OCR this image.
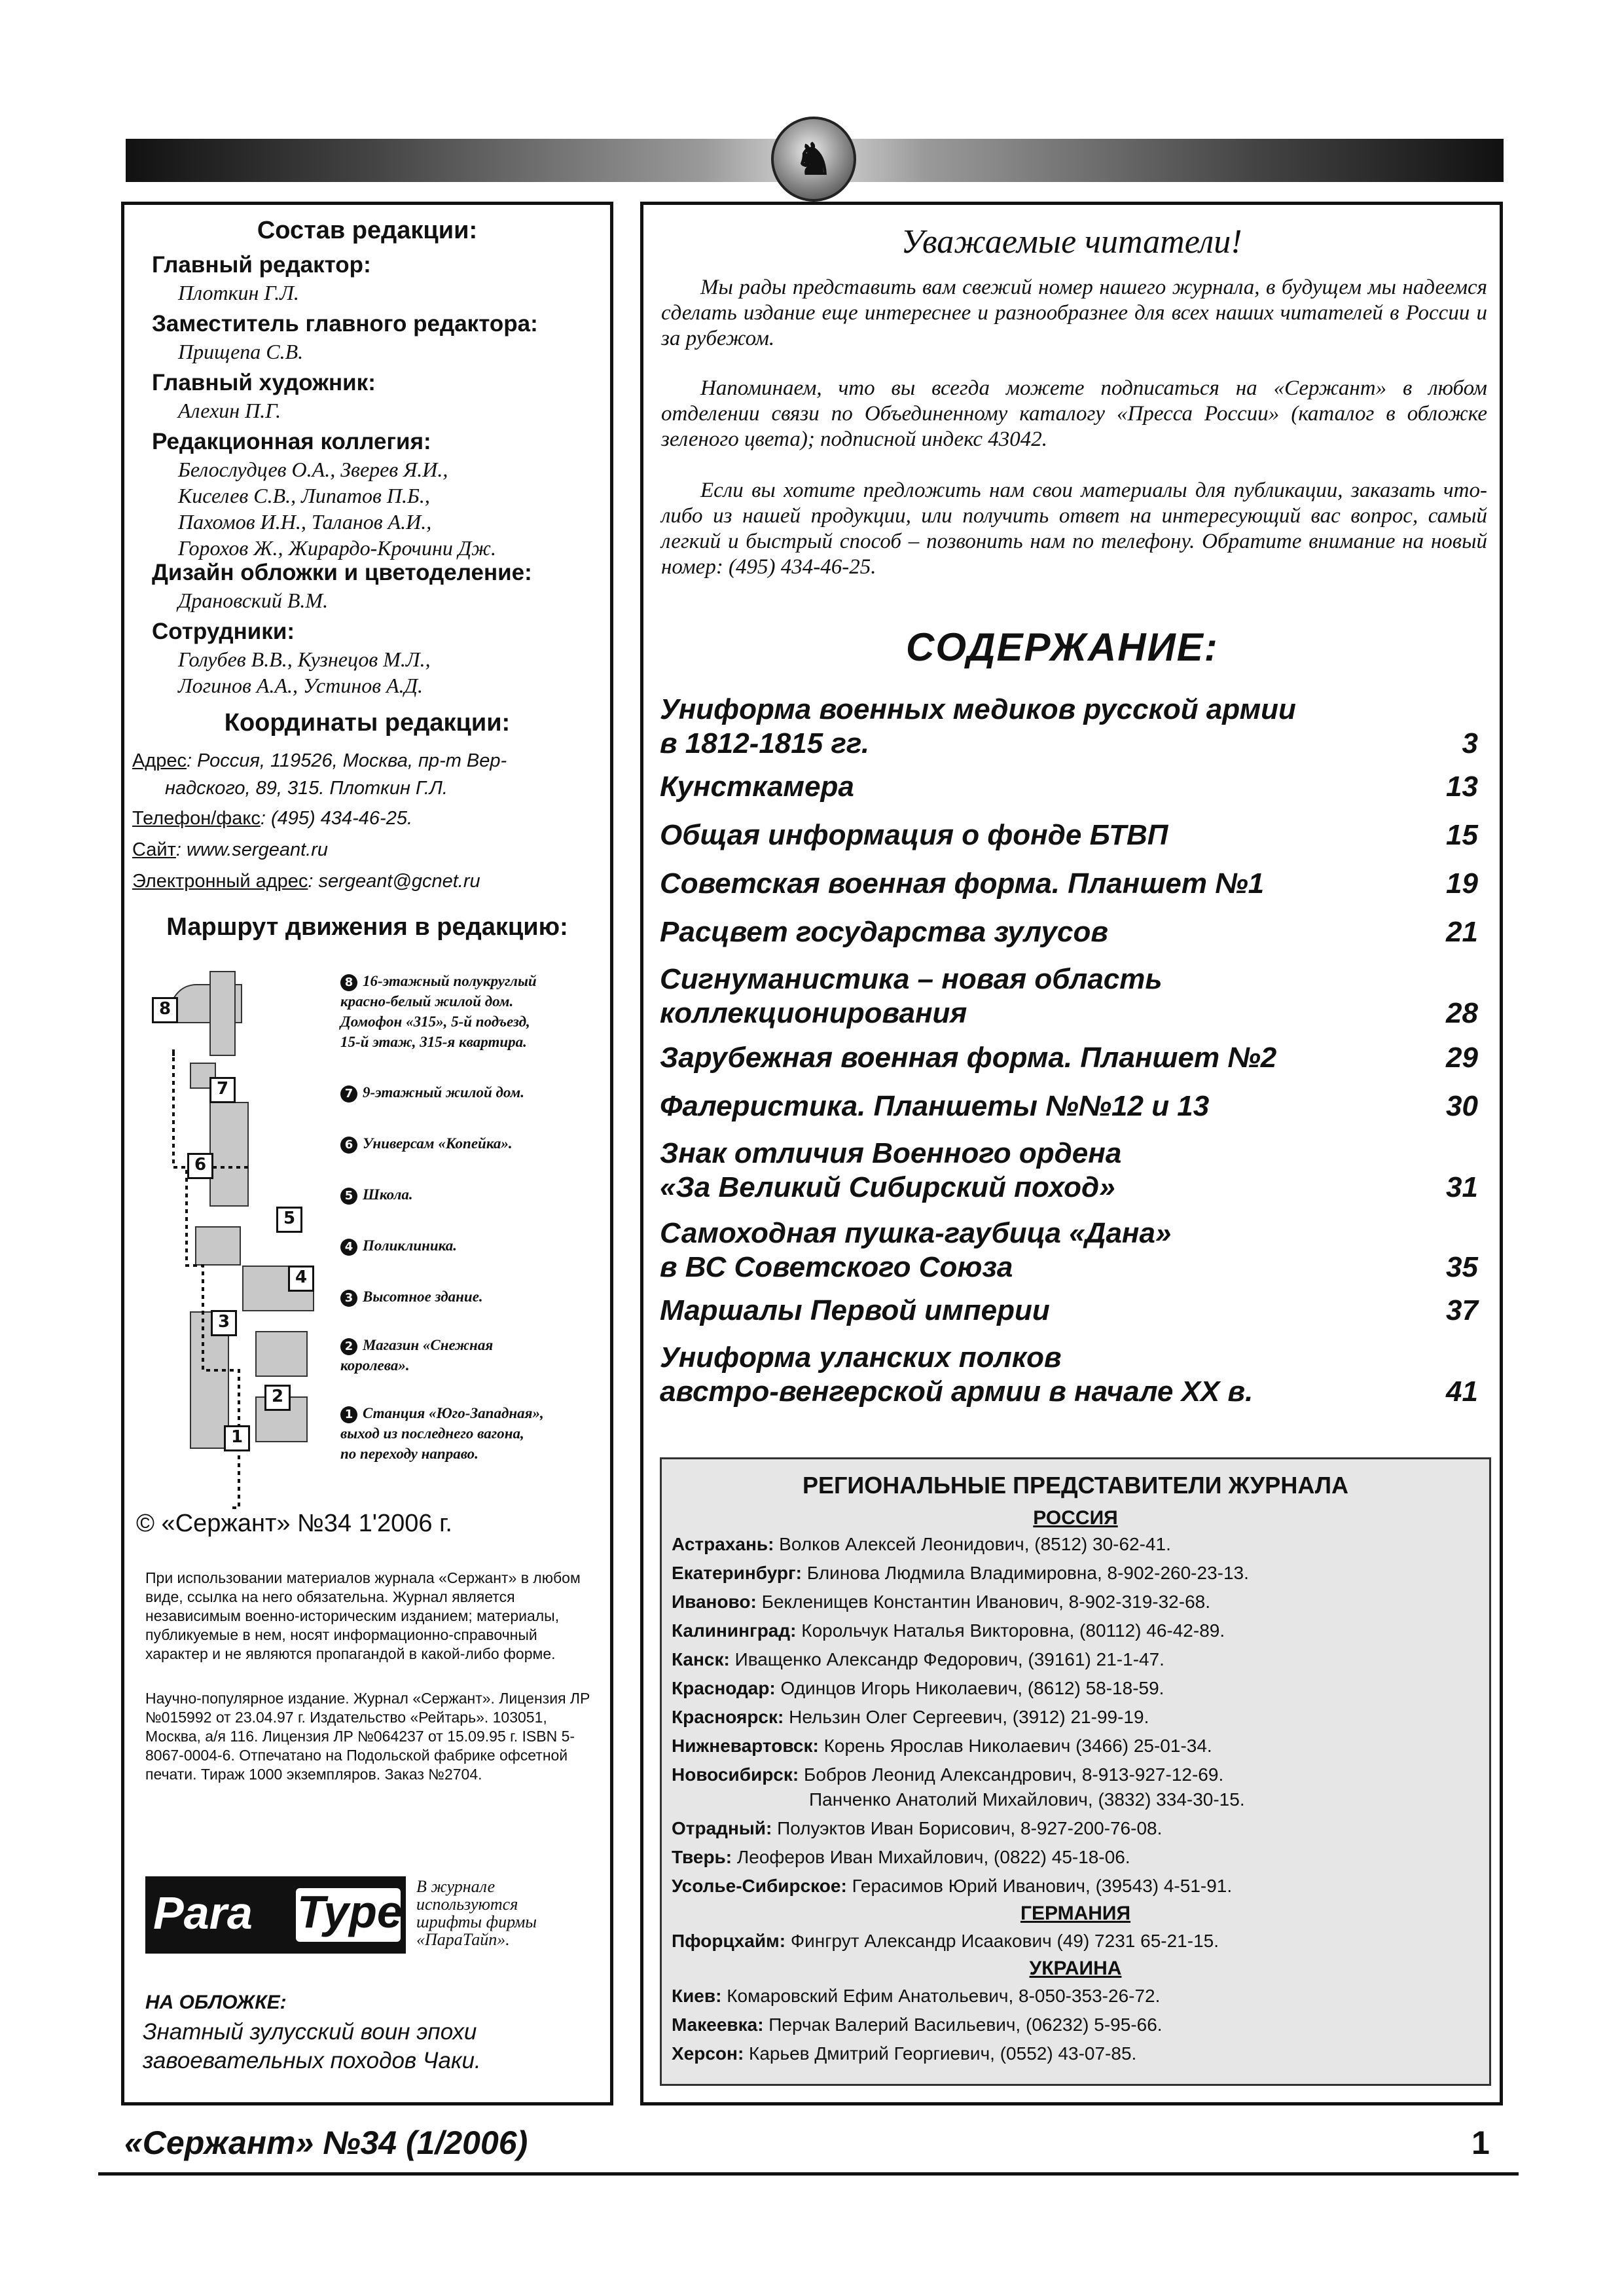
♞
Состав редакции:
Главный редактор:
Плоткин Г.Л.
Заместитель главного редактора:
Прищепа С.В.
Главный художник:
Алехин П.Г.
Редакционная коллегия:
Белослудцев О.А., Зверев Я.И.,
Киселев С.В., Липатов П.Б.,
Пахомов И.Н., Таланов А.И.,
Горохов Ж., Жирардо-Крочини Дж.
Дизайн обложки и цветоделение:
Драновский В.М.
Сотрудники:
Голубев В.В., Кузнецов М.Л.,
Логинов А.А., Устинов А.Д.
Координаты редакции:
Адрес: Россия, 119526, Москва, пр-т Вер-
надского, 89, 315. Плоткин Г.Л.
Телефон/факс: (495) 434-46-25.
Сайт: www.sergeant.ru
Электронный адрес: sergeant@gcnet.ru
Маршрут движения в редакцию:
8
7
6
5
4
3
2
1
8 16-этажный полукруглый
красно-белый жилой дом.
Домофон «315», 5-й подъезд,
15-й этаж, 315-я квартира.
7 9-этажный жилой дом.
6 Универсам «Копейка».
5 Школа.
4 Поликлиника.
3 Высотное здание.
2 Магазин «Снежная
королева».
1 Станция «Юго-Западная»,
выход из последнего вагона,
по переходу направо.
© «Сержант» №34 1'2006 г.
При использовании материалов журнала «Сержант» в любом виде, ссылка на него обязательна. Журнал является независимым военно-историческим изданием; материалы, публикуемые в нем, носят информационно-справочный характер и не являются пропагандой в какой-либо форме.
Научно-популярное издание. Журнал «Сержант». Лицензия ЛР №015992 от 23.04.97 г. Издательство «Рейтарь». 103051, Москва, а/я 116. Лицензия ЛР №064237 от 15.09.95 г. ISBN 5-8067-0004-6. Отпечатано на Подольской фабрике офсетной печати. Тираж 1000 экземпляров. Заказ №2704.
Para Type В журнале
используются
шрифты фирмы
«ПараТайп».
НА ОБЛОЖКЕ:
Знатный зулусский воин эпохи
завоевательных походов Чаки.
Уважаемые читатели!
Мы рады представить вам свежий номер нашего журнала, в будущем мы надеемся сделать издание еще интереснее и разнообразнее для всех наших читателей в России и за рубежом.
Напоминаем, что вы всегда можете подписаться на «Сержант» в любом отделении связи по Объединенному каталогу «Пресса России» (каталог в обложке зеленого цвета); подписной индекс 43042.
Если вы хотите предложить нам свои материалы для публикации, заказать что-либо из нашей продукции, или получить ответ на интересующий вас вопрос, самый легкий и быстрый способ – позвонить нам по телефону. Обратите внимание на новый номер: (495) 434-46-25.
СОДЕРЖАНИЕ:
Униформа военных медиков русской армии
в 1812-1815 гг.	3
Кунсткамера	13
Общая информация о фонде БТВП	15
Советская военная форма. Планшет №1	19
Расцвет государства зулусов	21
Сигнуманистика – новая область
коллекционирования	28
Зарубежная военная форма. Планшет №2	29
Фалеристика. Планшеты №№12 и 13	30
Знак отличия Военного ордена
«За Великий Сибирский поход»	31
Самоходная пушка-гаубица «Дана»
в ВС Советского Союза	35
Маршалы Первой империи	37
Униформа уланских полков
австро-венгерской армии в начале XX в.	41
РЕГИОНАЛЬНЫЕ ПРЕДСТАВИТЕЛИ ЖУРНАЛА
РОССИЯ
Астрахань: Волков Алексей Леонидович, (8512) 30-62-41.
Екатеринбург: Блинова Людмила Владимировна, 8-902-260-23-13.
Иваново: Бекленищев Константин Иванович, 8-902-319-32-68.
Калининград: Корольчук Наталья Викторовна, (80112) 46-42-89.
Канск: Иващенко Александр Федорович, (39161) 21-1-47.
Краснодар: Одинцов Игорь Николаевич, (8612) 58-18-59.
Красноярск: Нельзин Олег Сергеевич, (3912) 21-99-19.
Нижневартовск: Корень Ярослав Николаевич (3466) 25-01-34.
Новосибирск: Бобров Леонид Александрович, 8-913-927-12-69.
Панченко Анатолий Михайлович, (3832) 334-30-15.
Отрадный: Полуэктов Иван Борисович, 8-927-200-76-08.
Тверь: Леоферов Иван Михайлович, (0822) 45-18-06.
Усолье-Сибирское: Герасимов Юрий Иванович, (39543) 4-51-91.
ГЕРМАНИЯ
Пфорцхайм: Фингрут Александр Исаакович (49) 7231 65-21-15.
УКРАИНА
Киев: Комаровский Ефим Анатольевич, 8-050-353-26-72.
Макеевка: Перчак Валерий Васильевич, (06232) 5-95-66.
Херсон: Карьев Дмитрий Георгиевич, (0552) 43-07-85.
«Сержант» №34 (1/2006)	1
